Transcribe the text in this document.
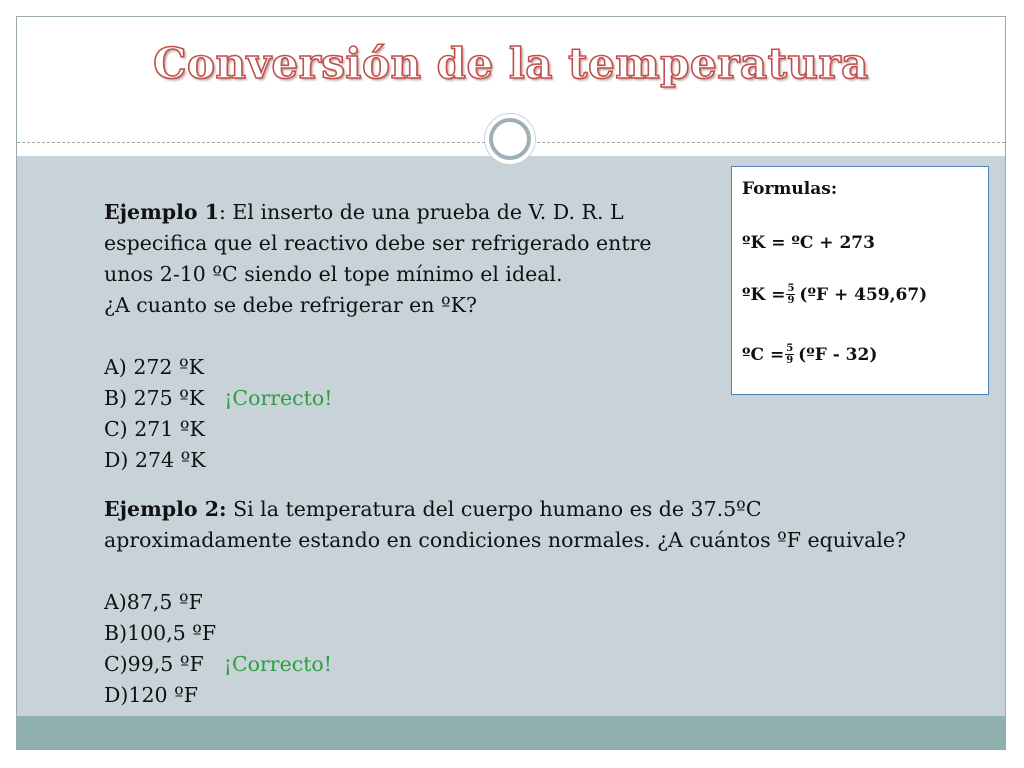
Conversión de la temperatura
Formulas:
ºK = ºC + 273
ºK = $\frac{5}{9}$ (ºF + 459,67)
ºC = $\frac{5}{9}$ (ºF - 32)
Ejemplo 1: El inserto de una prueba de V. D. R. L
especifica que el reactivo debe ser refrigerado entre
unos 2-10 ºC siendo el tope mínimo el ideal.
¿A cuanto se debe refrigerar en ºK?
A) 272 ºK
B) 275 ºK ¡Correcto!
C) 271 ºK
D) 274 ºK
Ejemplo 2: Si la temperatura del cuerpo humano es de 37.5ºC
aproximadamente estando en condiciones normales. ¿A cuántos ºF equivale?
A)87,5 ºF
B)100,5 ºF
C)99,5 ºF ¡Correcto!
D)120 ºF
